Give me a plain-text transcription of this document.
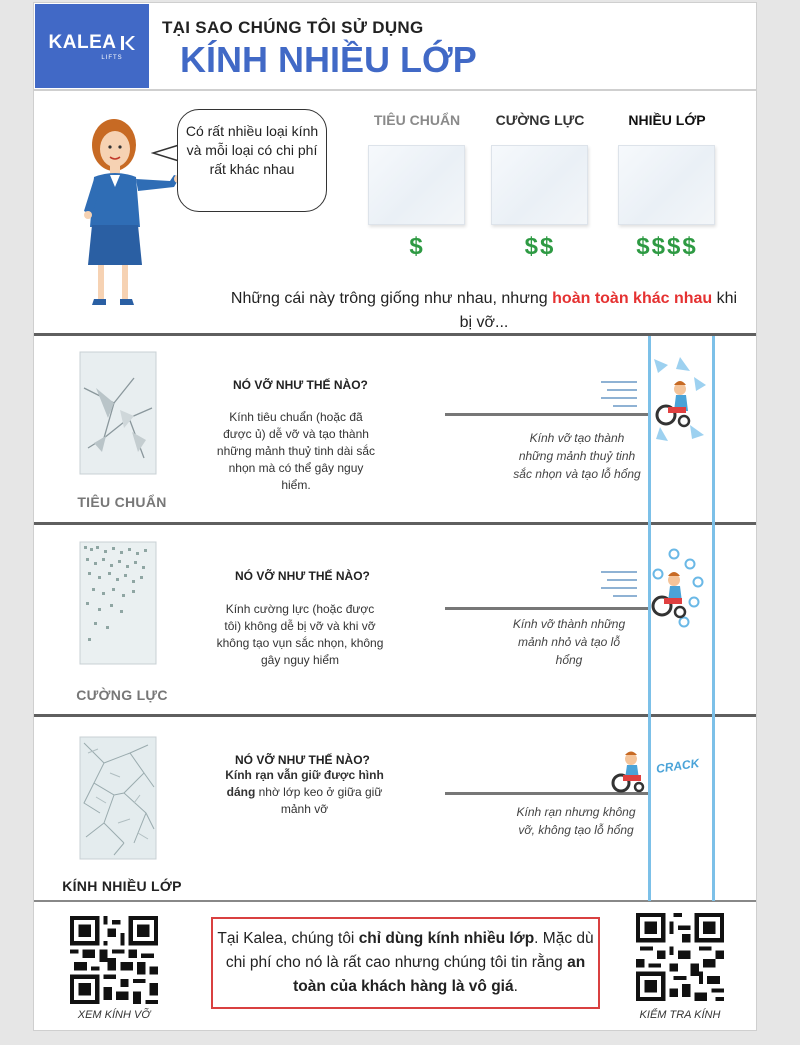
KALEA
LIFTS
TẠI SAO CHÚNG TÔI SỬ DỤNG
KÍNH NHIỀU LỚP
Có rất nhiều loại kính và mỗi loại có chi phí rất khác nhau
TIÊU CHUẨN	CƯỜNG LỰC	NHIỀU LỚP
$	$$	$$$$
Những cái này trông giống như nhau, nhưng hoàn toàn khác nhau khi bị vỡ...
TIÊU CHUẨN
NÓ VỠ NHƯ THẾ NÀO?
Kính tiêu chuẩn (hoặc đã được ủ) dễ vỡ và tạo thành những mảnh thuỷ tinh dài sắc nhọn mà có thể gây nguy hiểm.
Kính vỡ tạo thành những mảnh thuỷ tinh sắc nhọn và tạo lỗ hổng
CƯỜNG LỰC
NÓ VỠ NHƯ THẾ NÀO?
Kính cường lực (hoặc được tôi) không dễ bị vỡ và khi vỡ không tạo vụn sắc nhọn, không gây nguy hiểm
Kính vỡ thành những mảnh nhỏ và tạo lỗ hổng
KÍNH NHIỀU LỚP
NÓ VỠ NHƯ THẾ NÀO?
Kính rạn vẫn giữ được hình dáng nhờ lớp keo ở giữa giữ mảnh vỡ	Kính rạn nhưng không vỡ, không tạo lỗ hổng
CRACK
XEM KÍNH VỠ
Tại Kalea, chúng tôi chỉ dùng kính nhiều lớp. Mặc dù chi phí cho nó là rất cao nhưng chúng tôi tin rằng an toàn của khách hàng là vô giá.
KIỂM TRA KÍNH
